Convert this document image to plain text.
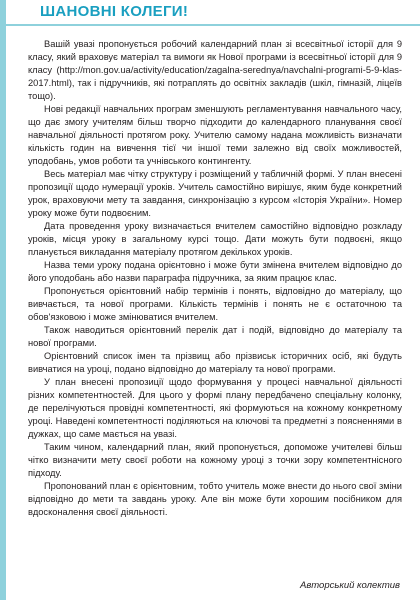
ШАНОВНІ КОЛЕГИ!

Вашій увазі пропонується робочий календарний план зі всесвітньої історії для 9 класу, який враховує матеріал та вимоги як Нової програми із всесвітньої історії для 9 класу (http://mon.gov.ua/activity/education/zagalna-serednya/navchalni-programi-5-9-klas-2017.html), так і підручників, які потраплять до освітніх закладів (шкіл, гімназій, ліцеїв тощо).

Нові редакції навчальних програм зменшують регламентування навчального часу, що дає змогу учителям більш творчо підходити до календарного планування своєї навчальної діяльності протягом року. Учителю самому надана можливість визначати кількість годин на вивчення тієї чи іншої теми залежно від своїх можливостей, уподобань, умов роботи та учнівського контингенту.

Весь матеріал має чітку структуру і розміщений у табличній формі. У план внесені пропозиції щодо нумерації уроків. Учитель самостійно вирішує, яким буде конкретний урок, враховуючи мету та завдання, синхронізацію з курсом «Історія України». Номер уроку може бути подвоєним.

Дата проведення уроку визначається вчителем самостійно відповідно розкладу уроків, місця уроку в загальному курсі тощо. Дати можуть бути подвоєні, якщо планується викладання матеріалу протягом декількох уроків.

Назва теми уроку подана орієнтовно і може бути змінена вчителем відповідно до його уподобань або назви параграфа підручника, за яким працює клас.

Пропонується орієнтовний набір термінів і понять, відповідно до матеріалу, що вивчається, та нової програми. Кількість термінів і понять не є остаточною та обов'язковою і може змінюватися вчителем.

Також наводиться орієнтовний перелік дат і подій, відповідно до матеріалу та нової програми.

Орієнтовний список імен та прізвищ або прізвиськ історичних осіб, які будуть вивчатися на уроці, подано відповідно до матеріалу та нової програми.

У план внесені пропозиції щодо формування у процесі навчальної діяльності різних компетентностей. Для цього у формі плану передбачено спеціальну колонку, де перелічуються провідні компетентності, які формуються на кожному конкретному уроці. Наведені компетентності поділяються на ключові та предметні з поясненнями в дужках, що саме мається на увазі.

Таким чином, календарний план, який пропонується, допоможе учителеві більш чітко визначити мету своєї роботи на кожному уроці з точки зору компетентнісного підходу.

Пропонований план є орієнтовним, тобто учитель може внести до нього свої зміни відповідно до мети та завдань уроку. Але він може бути хорошим посібником для вдосконалення своєї діяльності.

Авторський колектив
